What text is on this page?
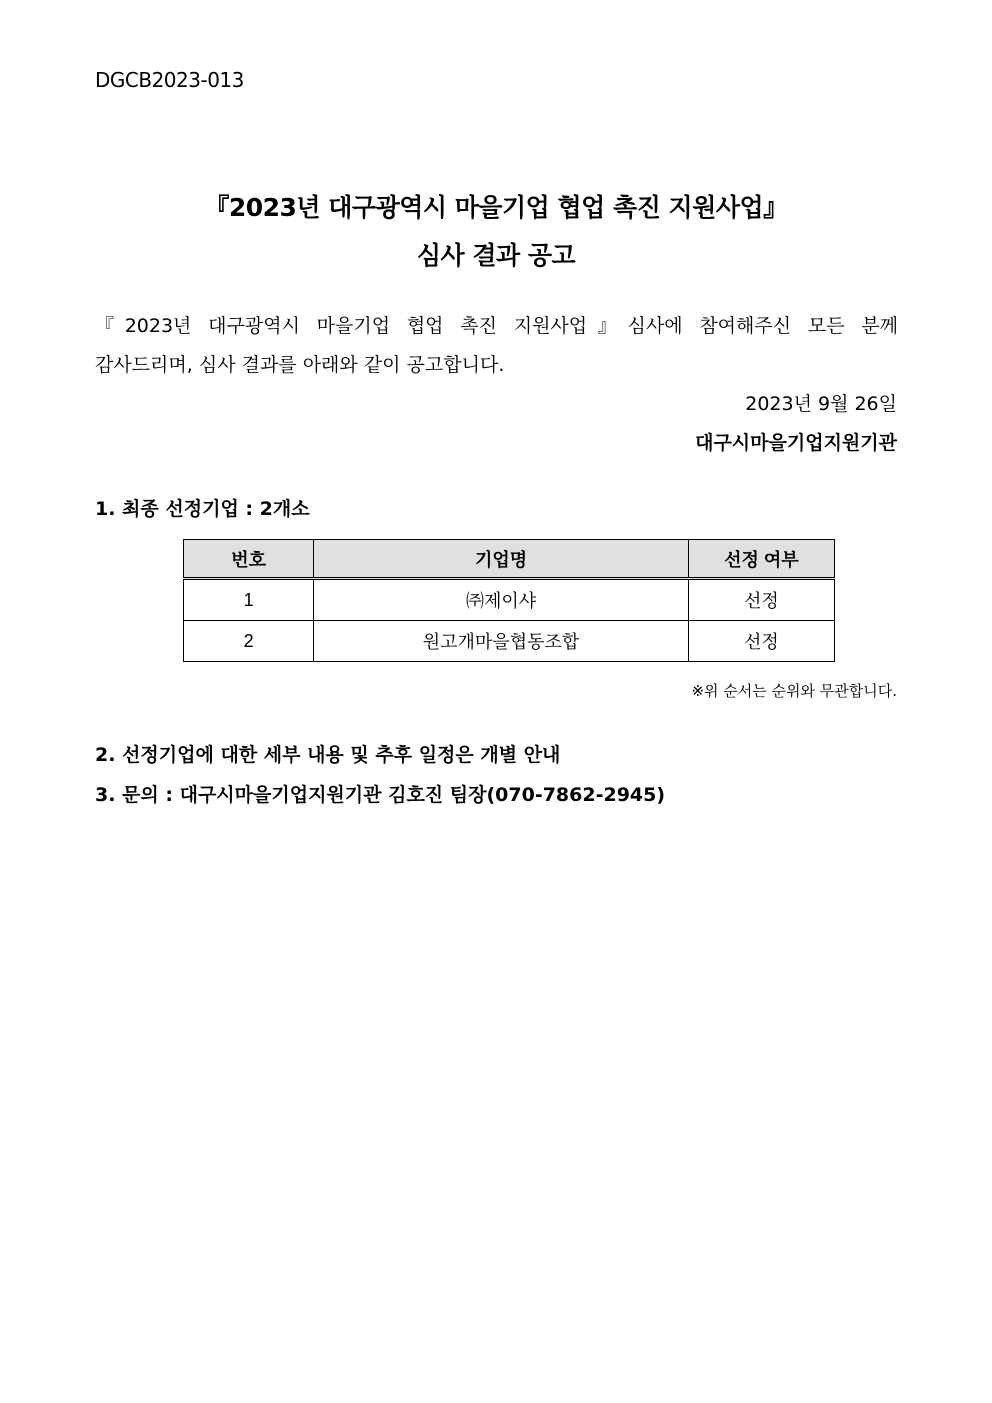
DGCB2023-013
『2023년 대구광역시 마을기업 협업 촉진 지원사업』
심사 결과 공고
『2023년 대구광역시 마을기업 협업 촉진 지원사업』심사에 참여해주신 모든 분께
감사드리며, 심사 결과를 아래와 같이 공고합니다.
2023년 9월 26일
대구시마을기업지원기관
1. 최종 선정기업 : 2개소
번호	기업명	선정 여부
1	㈜제이샤	선정
2	원고개마을협동조합	선정
※위 순서는 순위와 무관합니다.
2. 선정기업에 대한 세부 내용 및 추후 일정은 개별 안내
3. 문의 : 대구시마을기업지원기관 김호진 팀장(070-7862-2945)
